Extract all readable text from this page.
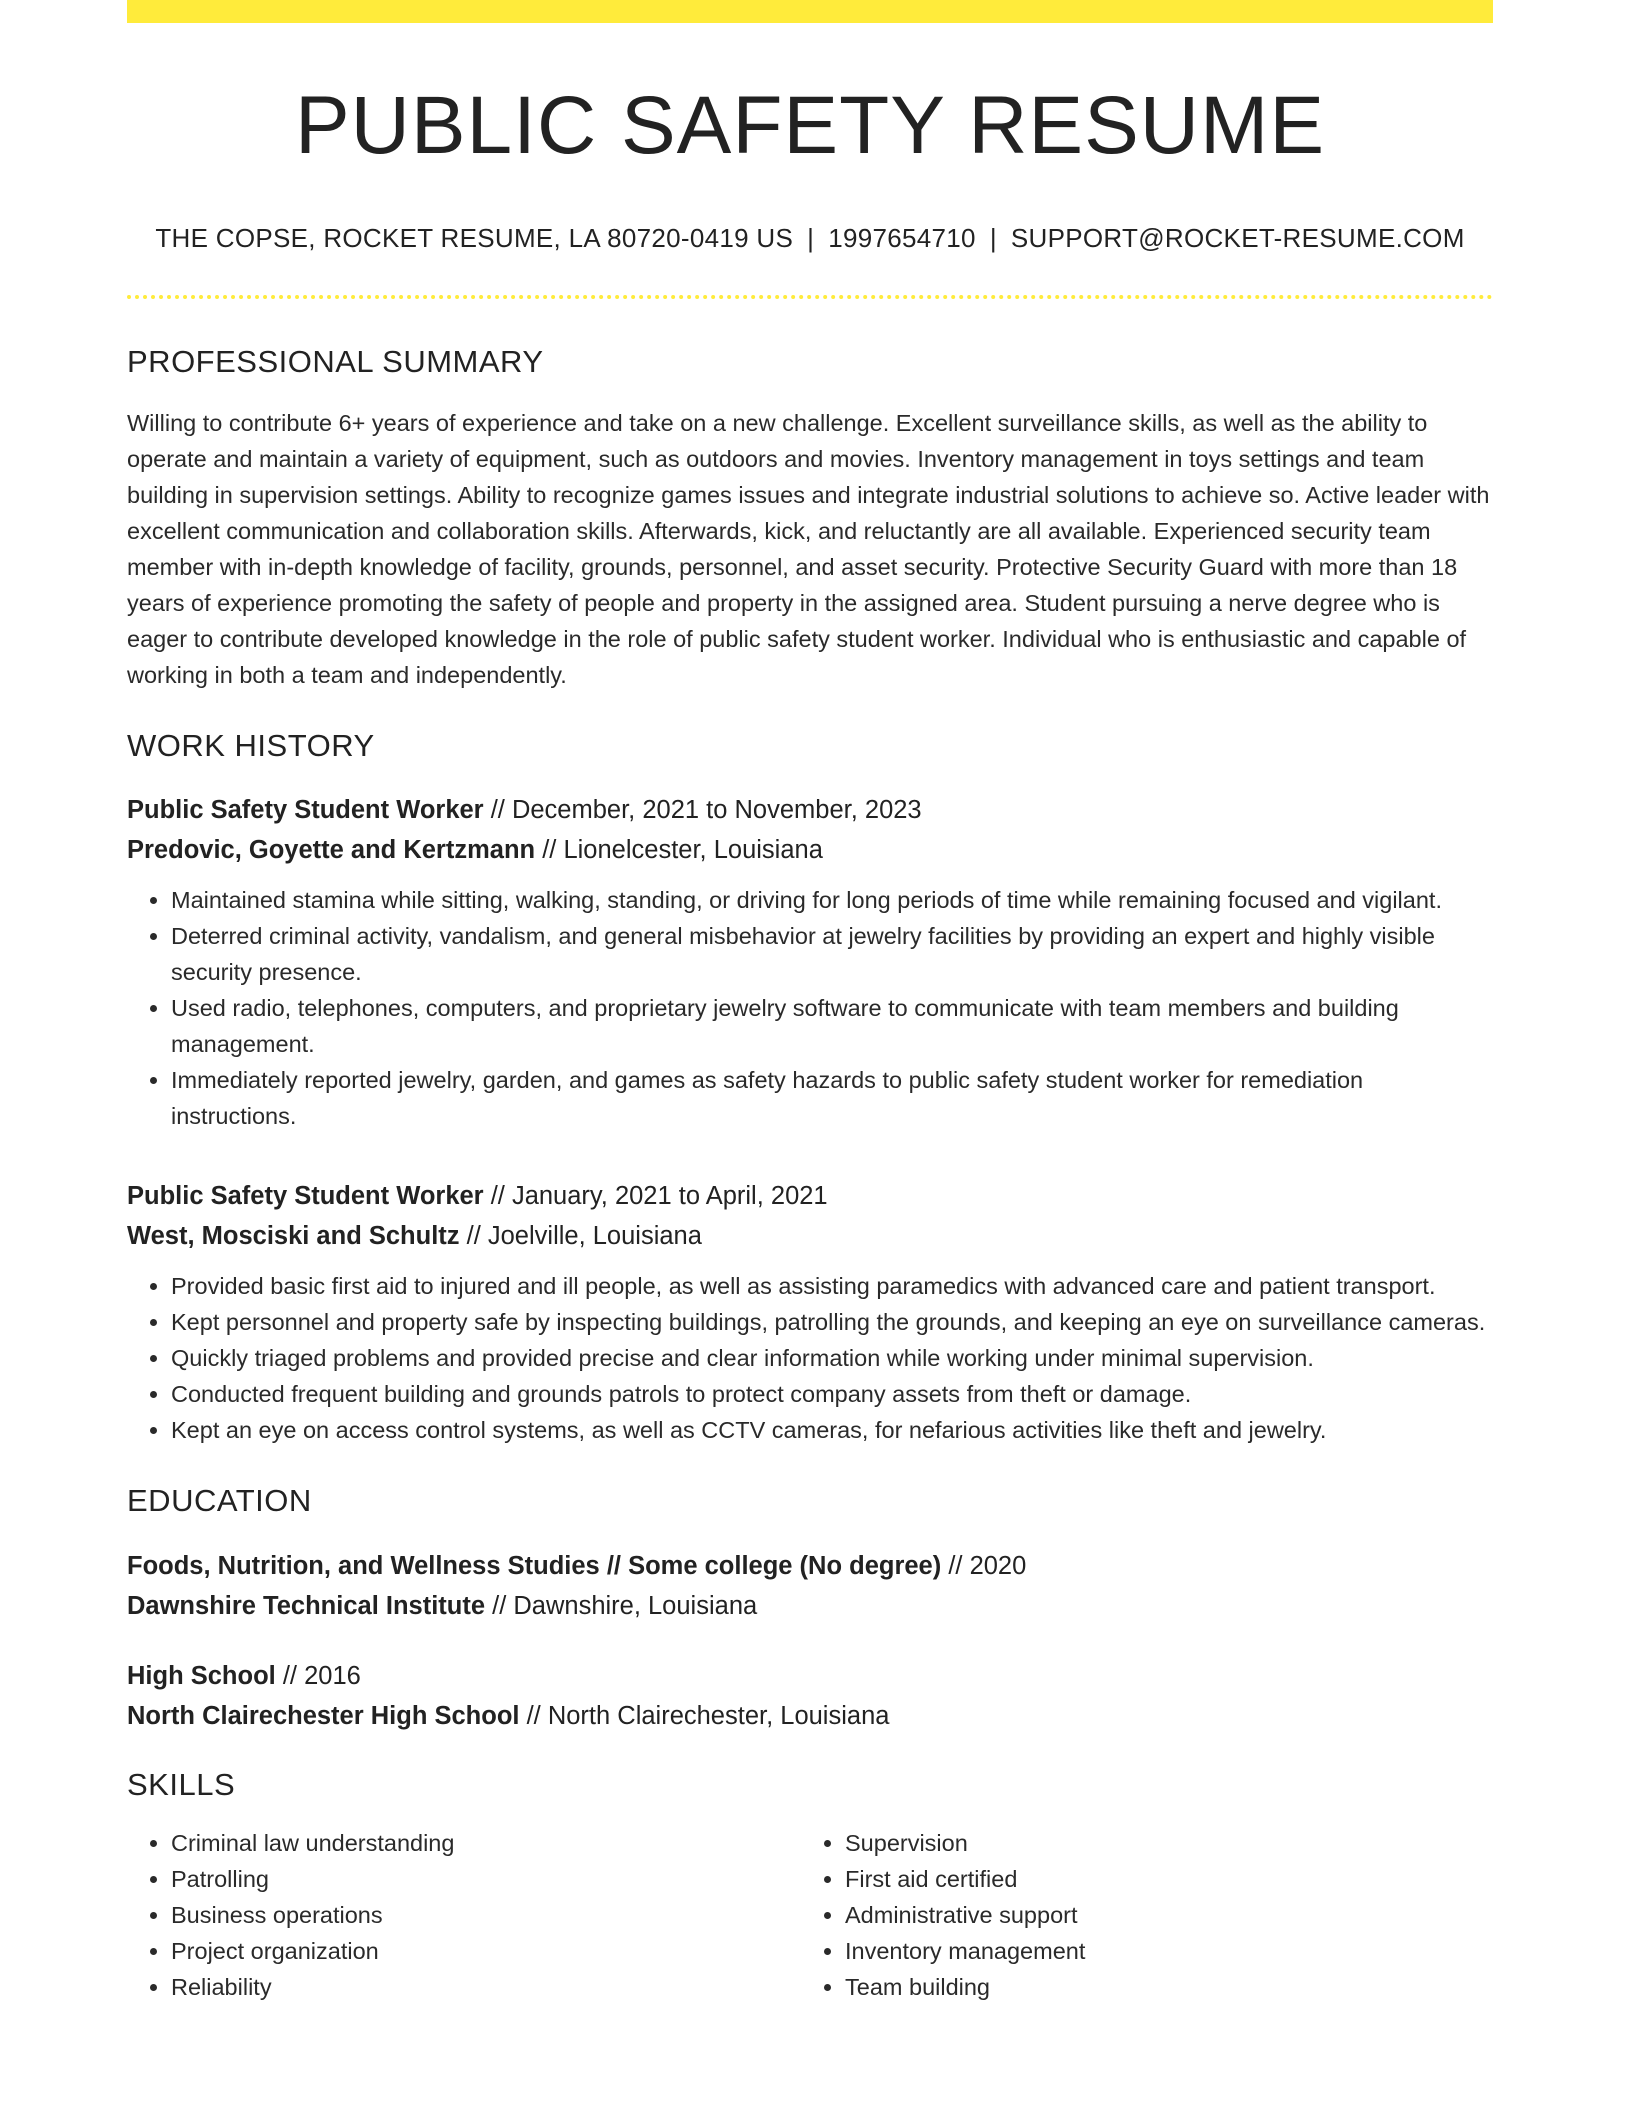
PUBLIC SAFETY RESUME
THE COPSE, ROCKET RESUME, LA 80720-0419 US | 1997654710 | SUPPORT@ROCKET-RESUME.COM
PROFESSIONAL SUMMARY

Willing to contribute 6+ years of experience and take on a new challenge. Excellent surveillance skills, as well as the ability to operate and maintain a variety of equipment, such as outdoors and movies. Inventory management in toys settings and team building in supervision settings. Ability to recognize games issues and integrate industrial solutions to achieve so. Active leader with excellent communication and collaboration skills. Afterwards, kick, and reluctantly are all available. Experienced security team member with in-depth knowledge of facility, grounds, personnel, and asset security. Protective Security Guard with more than 18 years of experience promoting the safety of people and property in the assigned area. Student pursuing a nerve degree who is eager to contribute developed knowledge in the role of public safety student worker. Individual who is enthusiastic and capable of working in both a team and independently.

WORK HISTORY
Public Safety Student Worker // December, 2021 to November, 2023
Predovic, Goyette and Kertzmann // Lionelcester, Louisiana
• Maintained stamina while sitting, walking, standing, or driving for long periods of time while remaining focused and vigilant.
• Deterred criminal activity, vandalism, and general misbehavior at jewelry facilities by providing an expert and highly visible security presence.
• Used radio, telephones, computers, and proprietary jewelry software to communicate with team members and building management.
• Immediately reported jewelry, garden, and games as safety hazards to public safety student worker for remediation instructions.
Public Safety Student Worker // January, 2021 to April, 2021
West, Mosciski and Schultz // Joelville, Louisiana
• Provided basic first aid to injured and ill people, as well as assisting paramedics with advanced care and patient transport.
• Kept personnel and property safe by inspecting buildings, patrolling the grounds, and keeping an eye on surveillance cameras.
• Quickly triaged problems and provided precise and clear information while working under minimal supervision.
• Conducted frequent building and grounds patrols to protect company assets from theft or damage.
• Kept an eye on access control systems, as well as CCTV cameras, for nefarious activities like theft and jewelry.
EDUCATION
Foods, Nutrition, and Wellness Studies // Some college (No degree) // 2020
Dawnshire Technical Institute // Dawnshire, Louisiana
High School // 2016
North Clairechester High School // North Clairechester, Louisiana
SKILLS
• Criminal law understanding
• Patrolling
• Business operations
• Project organization
• Reliability
• Supervision
• First aid certified
• Administrative support
• Inventory management
• Team building
